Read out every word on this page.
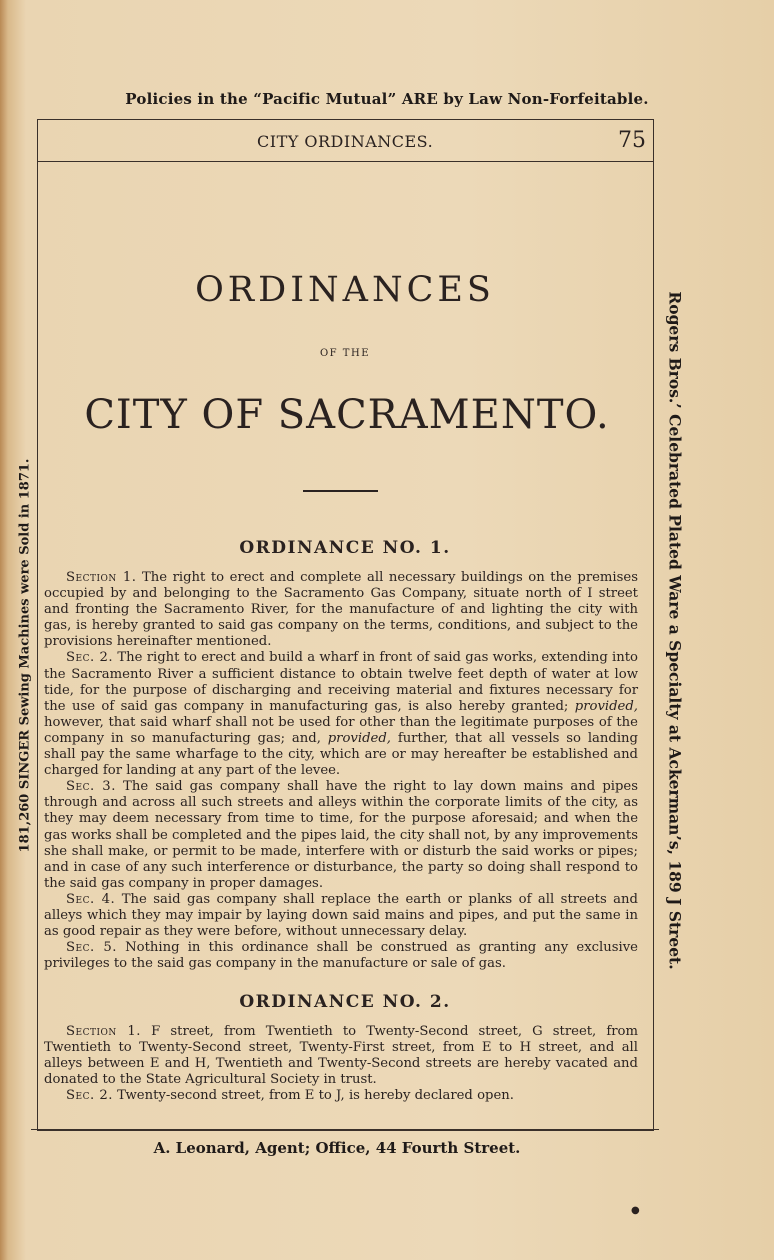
Policies in the “Pacific Mutual” ARE by Law Non-Forfeitable.
181,260 SINGER Sewing Machines were Sold in 1871.	Rogers Bros.’ Celebrated Plated Ware a Specialty at Ackerman’s, 189 J Street.
CITY ORDINANCES.	75
ORDINANCES
OF THE
CITY OF SACRAMENTO.
ORDINANCE NO. 1.
Section 1. The right to erect and complete all necessary buildings on the premises occupied by and belonging to the Sacramento Gas Company, situate north of I street and fronting the Sacramento River, for the manufacture of and lighting the city with gas, is hereby granted to said gas company on the terms, conditions, and subject to the provisions hereinafter mentioned.
Sec. 2. The right to erect and build a wharf in front of said gas works, extending into the Sacramento River a sufficient distance to obtain twelve feet depth of water at low tide, for the purpose of discharging and receiving material and fixtures necessary for the use of said gas company in manufacturing gas, is also hereby granted; provided, however, that said wharf shall not be used for other than the legitimate purposes of the company in so manufacturing gas; and, provided, further, that all vessels so landing shall pay the same wharfage to the city, which are or may hereafter be established and charged for landing at any part of the levee.
Sec. 3. The said gas company shall have the right to lay down mains and pipes through and across all such streets and alleys within the corporate limits of the city, as they may deem necessary from time to time, for the purpose aforesaid; and when the gas works shall be completed and the pipes laid, the city shall not, by any improvements she shall make, or permit to be made, interfere with or disturb the said works or pipes; and in case of any such interference or disturbance, the party so doing shall respond to the said gas company in proper damages.
Sec. 4. The said gas company shall replace the earth or planks of all streets and alleys which they may impair by laying down said mains and pipes, and put the same in as good repair as they were before, without unnecessary delay.
Sec. 5. Nothing in this ordinance shall be construed as granting any exclusive privileges to the said gas company in the manufacture or sale of gas.
ORDINANCE NO. 2.
Section 1. F street, from Twentieth to Twenty-Second street, G street, from Twentieth to Twenty-Second street, Twenty-First street, from E to H street, and all alleys between E and H, Twentieth and Twenty-Second streets are hereby vacated and donated to the State Agricultural Society in trust.
Sec. 2. Twenty-second street, from E to J, is hereby declared open.
A. Leonard, Agent; Office, 44 Fourth Street.
●
